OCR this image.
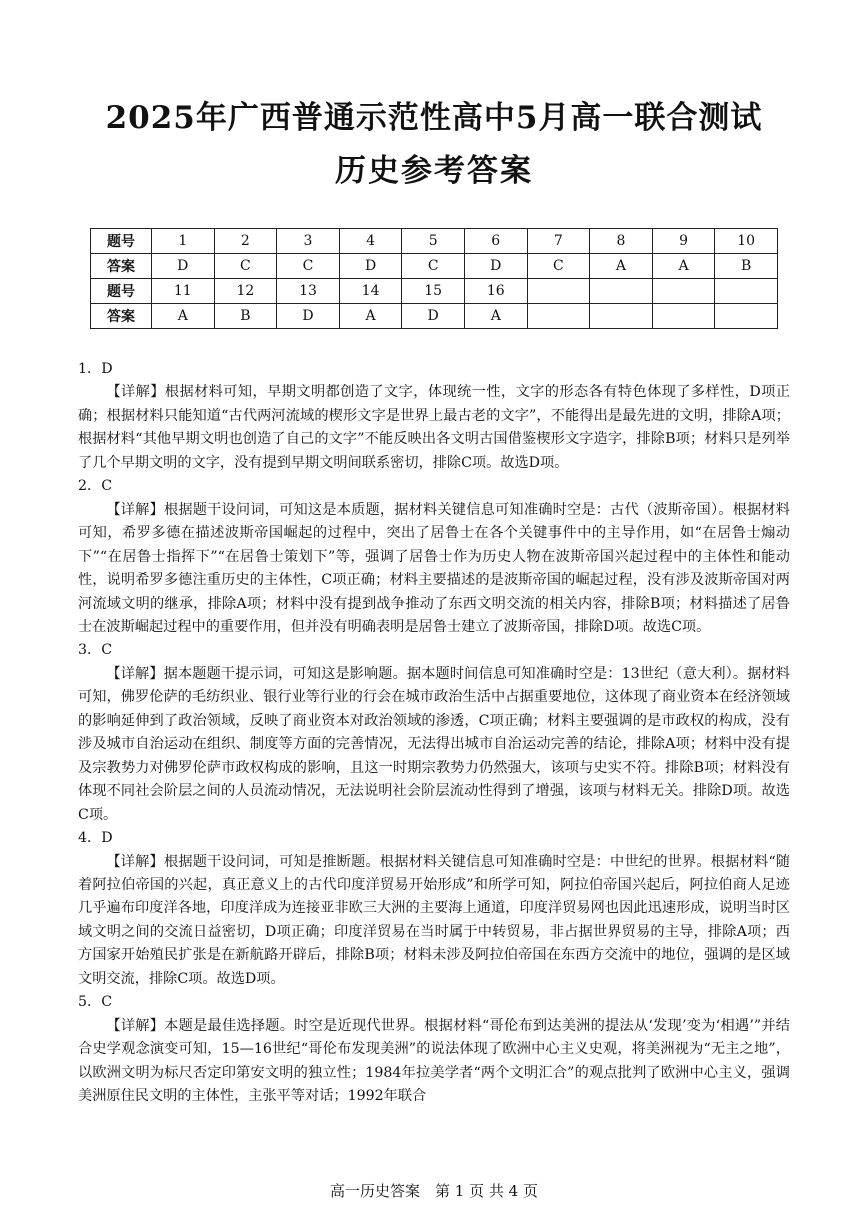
2025年广西普通示范性高中5月高一联合测试
历史参考答案
题号	1	2	3	4	5	6	7	8	9	10
答案	D	C	C	D	C	D	C	A	A	B
题号	11	12	13	14	15	16				
答案	A	B	D	A	D	A				
1．D

【详解】根据材料可知，早期文明都创造了文字，体现统一性，文字的形态各有特色体现了多样性，D项正确；根据材料只能知道“古代两河流域的楔形文字是世界上最古老的文字”，不能得出是最先进的文明，排除A项；根据材料“其他早期文明也创造了自己的文字”不能反映出各文明古国借鉴楔形文字造字，排除B项；材料只是列举了几个早期文明的文字，没有提到早期文明间联系密切，排除C项。故选D项。

2．C

【详解】根据题干设问词，可知这是本质题，据材料关键信息可知准确时空是：古代（波斯帝国）。根据材料可知，希罗多德在描述波斯帝国崛起的过程中，突出了居鲁士在各个关键事件中的主导作用，如“在居鲁士煽动下”“在居鲁士指挥下”“在居鲁士策划下”等，强调了居鲁士作为历史人物在波斯帝国兴起过程中的主体性和能动性，说明希罗多德注重历史的主体性，C项正确；材料主要描述的是波斯帝国的崛起过程，没有涉及波斯帝国对两河流域文明的继承，排除A项；材料中没有提到战争推动了东西文明交流的相关内容，排除B项；材料描述了居鲁士在波斯崛起过程中的重要作用，但并没有明确表明是居鲁士建立了波斯帝国，排除D项。故选C项。

3．C

【详解】据本题题干提示词，可知这是影响题。据本题时间信息可知准确时空是：13世纪（意大利）。据材料可知，佛罗伦萨的毛纺织业、银行业等行业的行会在城市政治生活中占据重要地位，这体现了商业资本在经济领域的影响延伸到了政治领域，反映了商业资本对政治领域的渗透，C项正确；材料主要强调的是市政权的构成，没有涉及城市自治运动在组织、制度等方面的完善情况，无法得出城市自治运动完善的结论，排除A项；材料中没有提及宗教势力对佛罗伦萨市政权构成的影响，且这一时期宗教势力仍然强大，该项与史实不符。排除B项；材料没有体现不同社会阶层之间的人员流动情况，无法说明社会阶层流动性得到了增强，该项与材料无关。排除D项。故选C项。

4．D

【详解】根据题干设问词，可知是推断题。根据材料关键信息可知准确时空是：中世纪的世界。根据材料“随着阿拉伯帝国的兴起，真正意义上的古代印度洋贸易开始形成”和所学可知，阿拉伯帝国兴起后，阿拉伯商人足迹几乎遍布印度洋各地，印度洋成为连接亚非欧三大洲的主要海上通道，印度洋贸易网也因此迅速形成，说明当时区域文明之间的交流日益密切，D项正确；印度洋贸易在当时属于中转贸易，非占据世界贸易的主导，排除A项；西方国家开始殖民扩张是在新航路开辟后，排除B项；材料未涉及阿拉伯帝国在东西方交流中的地位，强调的是区域文明交流，排除C项。故选D项。

5．C

【详解】本题是最佳选择题。时空是近现代世界。根据材料“哥伦布到达美洲的提法从‘发现’变为‘相遇’”并结合史学观念演变可知，15—16世纪“哥伦布发现美洲”的说法体现了欧洲中心主义史观，将美洲视为“无主之地”，以欧洲文明为标尺否定印第安文明的独立性；1984年拉美学者“两个文明汇合”的观点批判了欧洲中心主义，强调美洲原住民文明的主体性，主张平等对话；1992年联合

高一历史答案　第 1 页 共 4 页
